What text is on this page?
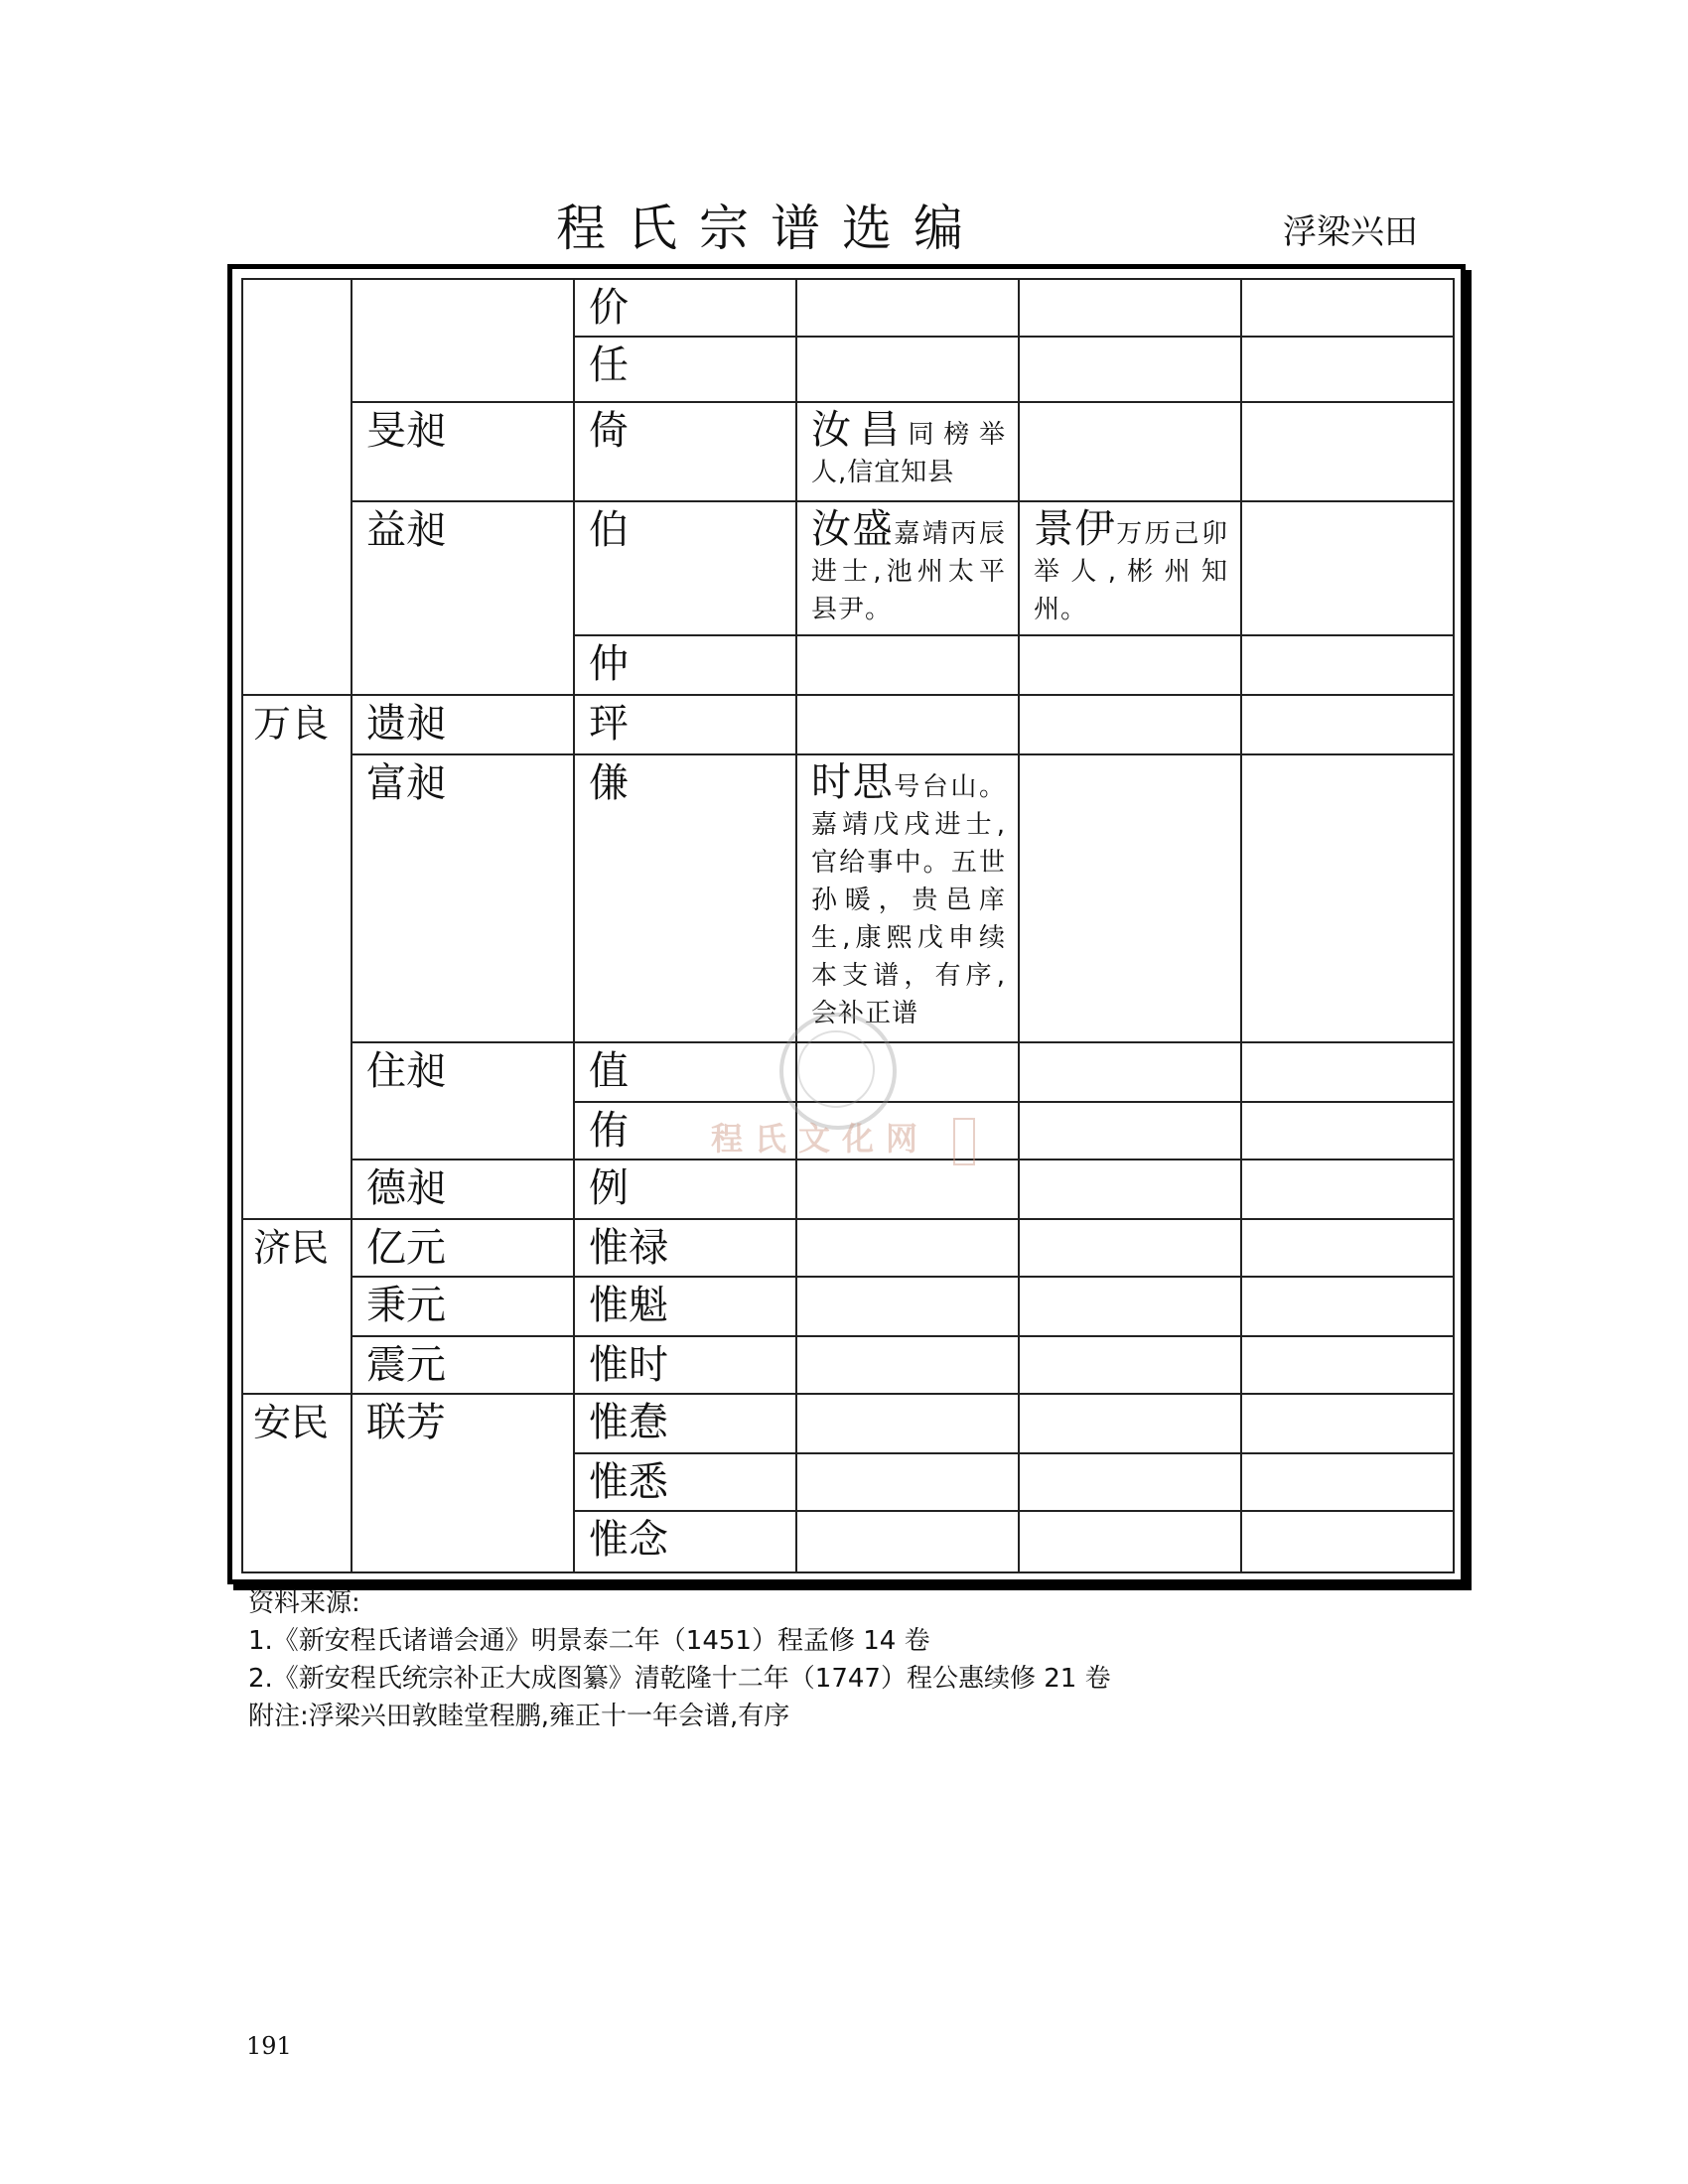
程氏宗谱选编	浮梁兴田

		价			

		任			

	旻昶	倚	汝昌同榜举人,信宜知县		

	益昶	伯	汝盛嘉靖丙辰进士,池州太平县尹。	景伊万历己卯举人,彬州知州。	

		仲			

万良	遗昶	玶			

	富昶	傔	时思号台山。嘉靖戊戌进士,官给事中。五世孙暖，贵邑庠生,康熙戊申续本支谱，有序,会补正谱		

	住昶	值			

		侑			

	德昶	例			

济民	亿元	惟禄			

	秉元	惟魁			

	震元	惟时			

安民	联芳	惟惷			

		惟悉			

		惟念			

程氏文化网
资料来源:
1.《新安程氏诸谱会通》明景泰二年（1451）程孟修 14 卷
2.《新安程氏统宗补正大成图纂》清乾隆十二年（1747）程公惠续修 21 卷
附注:浮梁兴田敦睦堂程鹏,雍正十一年会谱,有序
191
